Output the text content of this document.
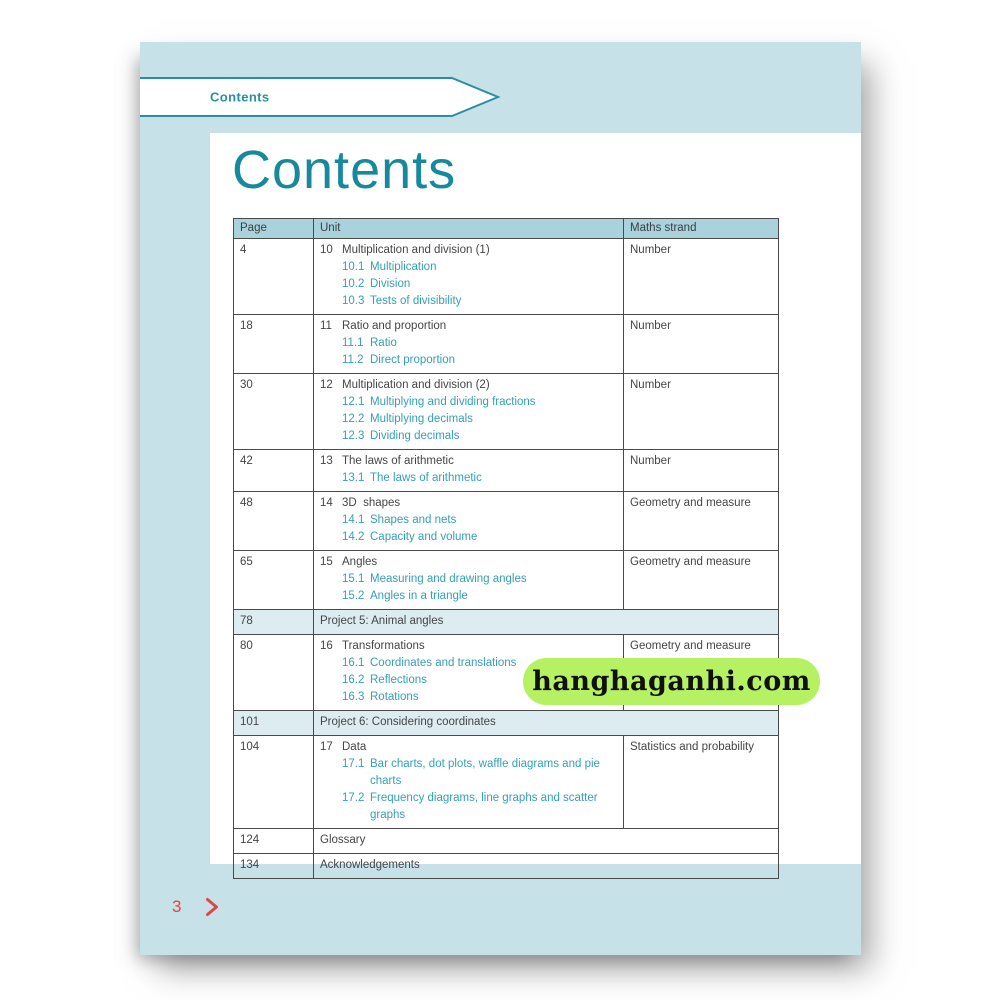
Contents
Contents
Page	Unit	Maths strand
4	10 Multiplication and division (1)
10.1 Multiplication
10.2 Division
10.3 Tests of divisibility
	Number
18	11 Ratio and proportion
11.1 Ratio
11.2 Direct proportion
	Number
30	12 Multiplication and division (2)
12.1 Multiplying and dividing fractions
12.2 Multiplying decimals
12.3 Dividing decimals
	Number
42	13 The laws of arithmetic
13.1 The laws of arithmetic	Number
48	14 3D  shapes
14.1 Shapes and nets
14.2 Capacity and volume
	Geometry and measure
65	15 Angles
15.1 Measuring and drawing angles
15.2 Angles in a triangle
	Geometry and measure
78	Project 5: Animal angles	
80	16 Transformations
16.1 Coordinates and translations
16.2 Reflections
16.3 Rotations
	Geometry and measure
101	Project 6: Considering coordinates	
104	17 Data
17.1 Bar charts, dot plots, waffle diagrams and pie charts
17.2 Frequency diagrams, line graphs and scatter graphs
	Statistics and probability
124	Glossary	
134	Acknowledgements	
3
hanghaganhi.com
